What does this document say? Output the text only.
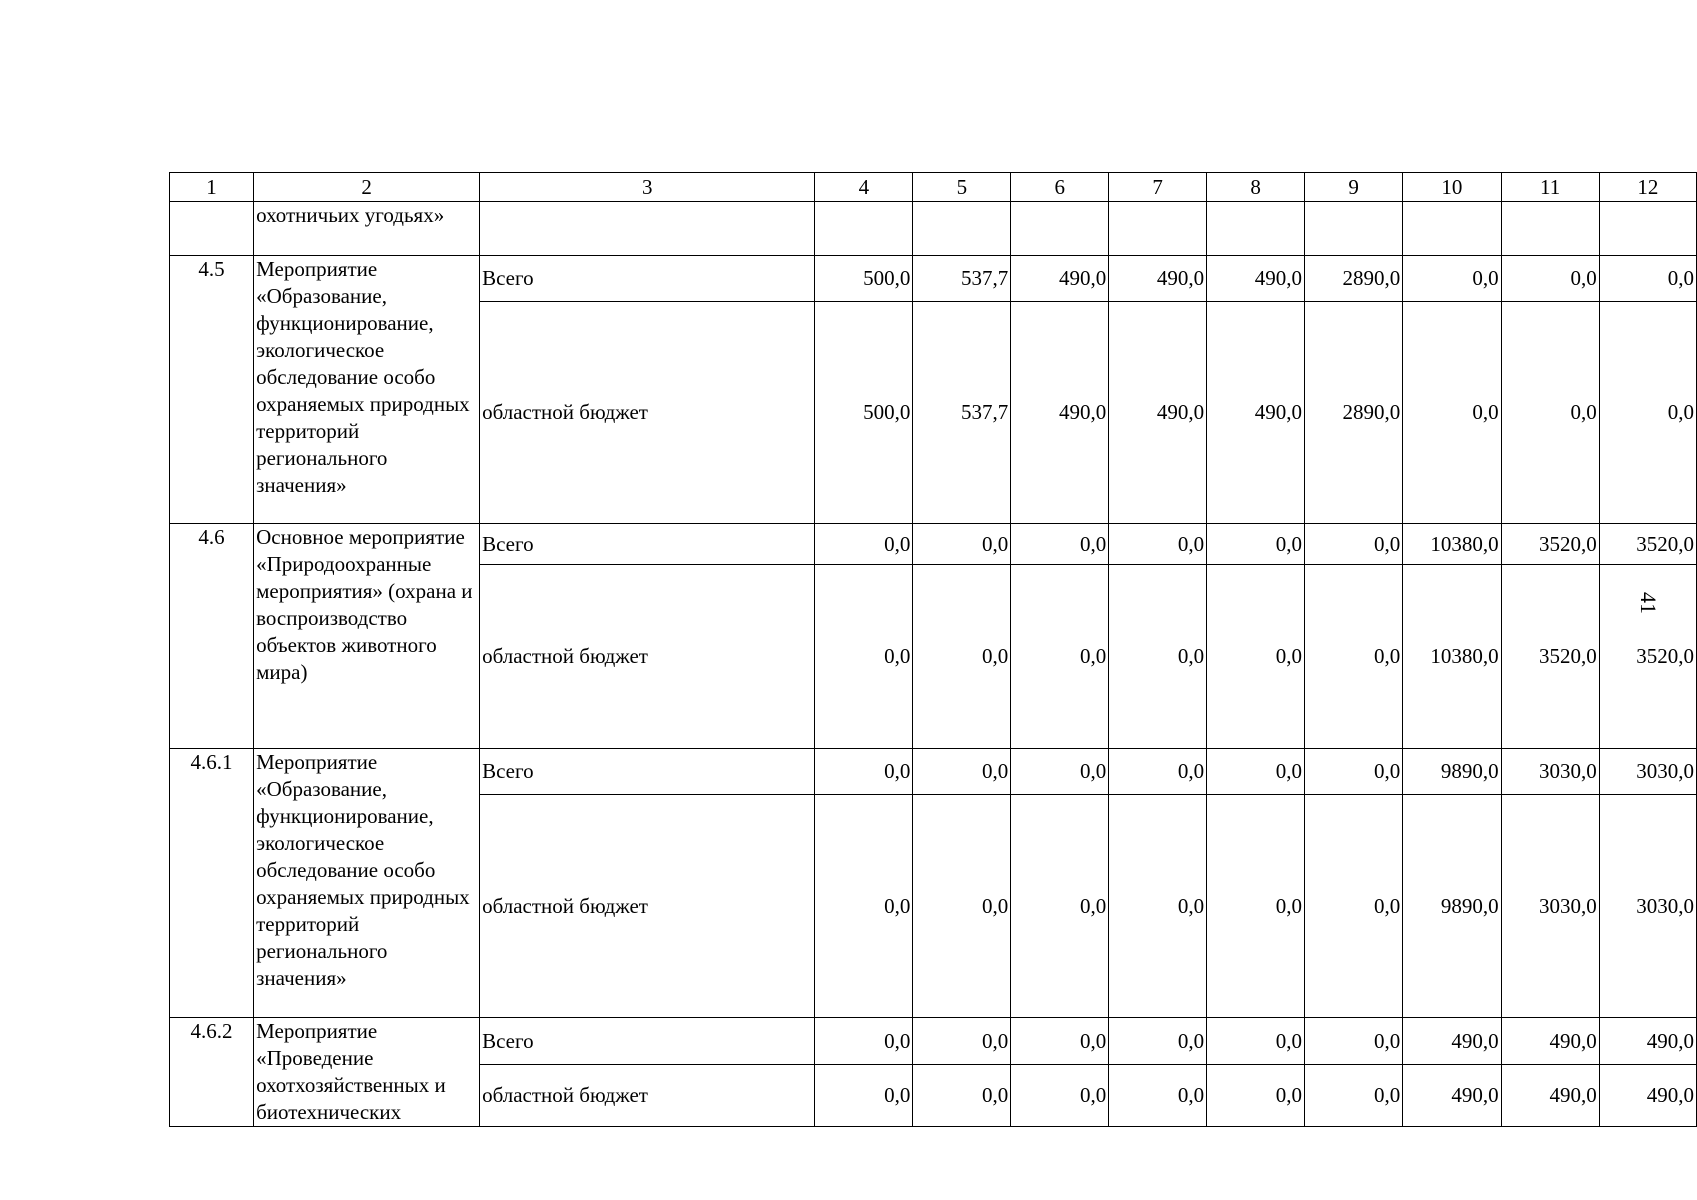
1	2	3	4	5	6	7	8	9	10	11	12
	охотничьих угодьях»										
4.5	Мероприятие «Образование, функционирование, экологическое обследование особо охраняемых природных территорий регионального значения»	Всего	500,0	537,7	490,0	490,0	490,0	2890,0	0,0	0,0	0,0
		областной бюджет	500,0	537,7	490,0	490,0	490,0	2890,0	0,0	0,0	0,0
4.6	Основное мероприятие «Природоохранные мероприятия» (охрана и воспроизводство объектов животного мира)	Всего	0,0	0,0	0,0	0,0	0,0	0,0	10380,0	3520,0	3520,0
		областной бюджет	0,0	0,0	0,0	0,0	0,0	0,0	10380,0	3520,0	3520,0
4.6.1	Мероприятие «Образование, функционирование, экологическое обследование особо охраняемых природных территорий регионального значения»	Всего	0,0	0,0	0,0	0,0	0,0	0,0	9890,0	3030,0	3030,0
		областной бюджет	0,0	0,0	0,0	0,0	0,0	0,0	9890,0	3030,0	3030,0
4.6.2	Мероприятие «Проведение охотхозяйственных и биотехнических	Всего	0,0	0,0	0,0	0,0	0,0	0,0	490,0	490,0	490,0
		областной бюджет	0,0	0,0	0,0	0,0	0,0	0,0	490,0	490,0	490,0
41
